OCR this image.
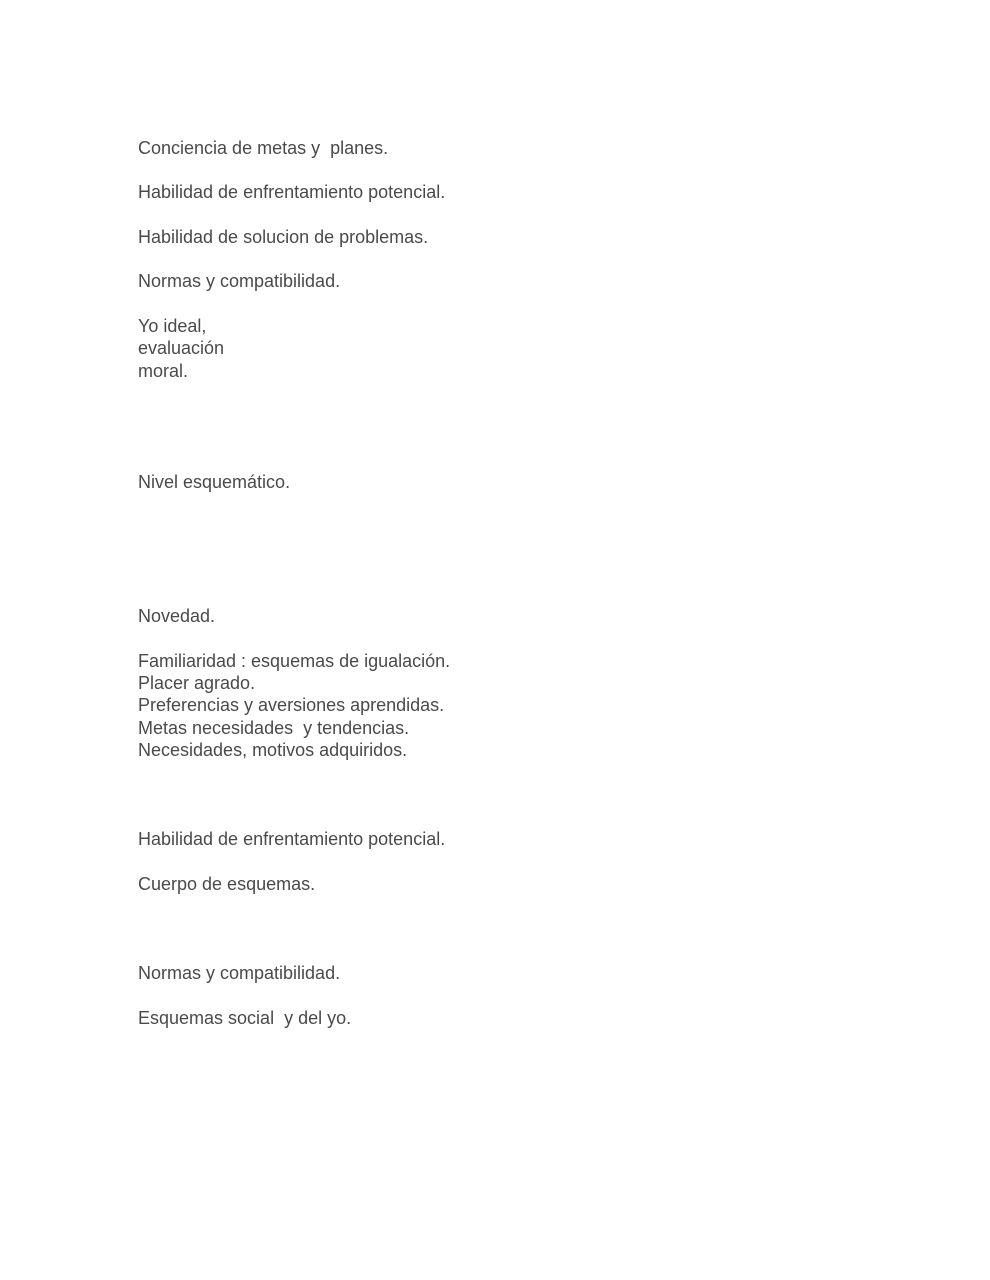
Conciencia de metas y  planes.
Habilidad de enfrentamiento potencial.
Habilidad de solucion de problemas.
Normas y compatibilidad.
Yo ideal,
evaluación
moral.
Nivel esquemático.
Novedad.
Familiaridad : esquemas de igualación.
Placer agrado.
Preferencias y aversiones aprendidas.
Metas necesidades  y tendencias.
Necesidades, motivos adquiridos.
Habilidad de enfrentamiento potencial.
Cuerpo de esquemas.
Normas y compatibilidad.
Esquemas social  y del yo.
